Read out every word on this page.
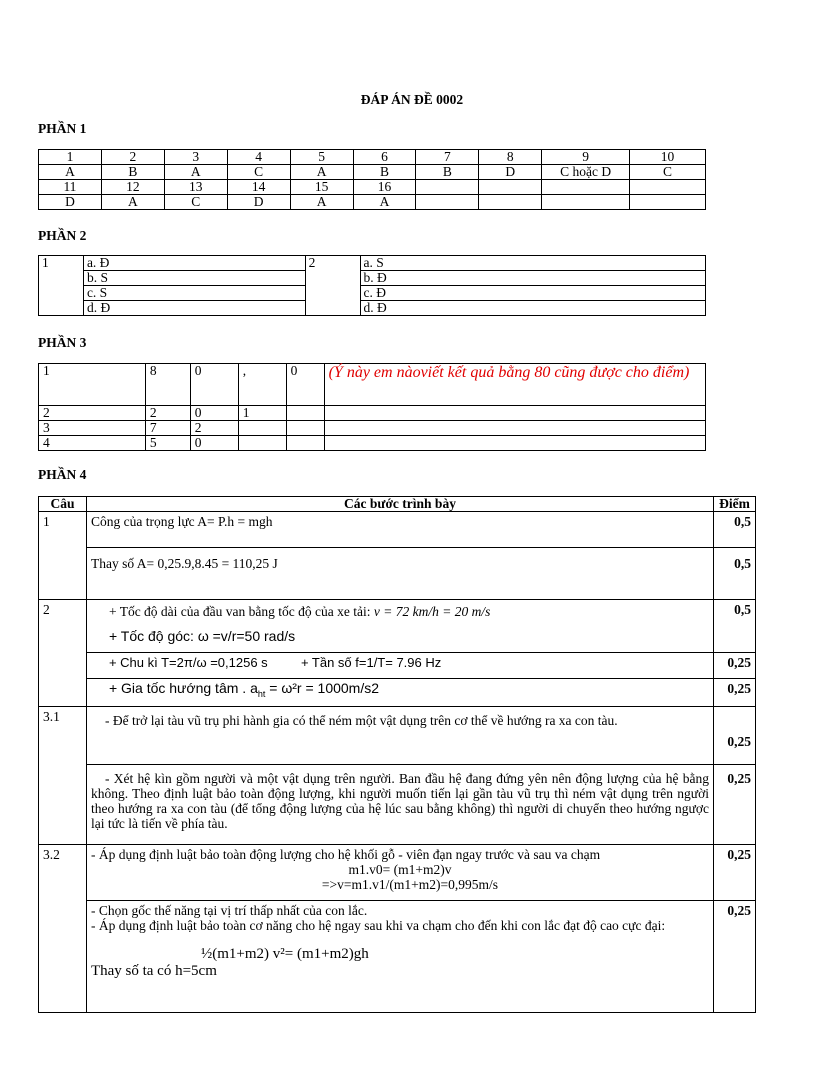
ĐÁP ÁN ĐỀ 0002
PHẦN 1
1	2	3	4	5	6	7	8	9	10
A	B	A	C	A	B	B	D	C hoặc D	C
11	12	13	14	15	16				
D	A	C	D	A	A				
PHẦN 2
1	a. Đ	2	a. S
	b. S		b. Đ
	c. S		c. Đ
	d. Đ		d. Đ
PHẦN 3
1	8	0	,	0	(Ý này em nàoviết kết quả bằng 80 cũng được cho điểm)
2	2	0	1		
3	7	2			
4	5	0			
PHẦN 4
Câu	Các bước trình bày	Điểm
1	Công của trọng lực A= P.h = mgh	0,5
	Thay số A= 0,25.9,8.45 = 110,25 J	0,5
2	+ Tốc độ dài của đầu van bằng tốc độ của xe tải: v = 72 km/h = 20 m/s
+ Tốc độ góc: ω =v/r=50 rad/s	0,5
	+ Chu kì T=2π/ω =0,1256 s + Tần số f=1/T= 7.96 Hz	0,25
	+ Gia tốc hướng tâm . $a_{ht} = \omega^2r = 1000m/s2$	0,25
3.1	- Để trở lại tàu vũ trụ phi hành gia có thể ném một vật dụng trên cơ thể về hướng ra xa con tàu.	0,25
	- Xét hệ kìn gồm người và một vật dụng trên người. Ban đầu hệ đang đứng yên nên động lượng của hệ bằng không. Theo định luật bảo toàn động lượng, khi người muốn tiến lại gần tàu vũ trụ thì ném vật dụng trên người theo hướng ra xa con tàu (để tổng động lượng của hệ lúc sau bằng không) thì người di chuyển theo hướng ngược lại tức là tiến về phía tàu.	0,25
3.2	- Áp dụng định luật bảo toàn động lượng cho hệ khối gỗ - viên đạn ngay trước và sau va chạm
m1.v0= (m1+m2)v
=>v=m1.v1/(m1+m2)=0,995m/s	0,25

	- Chọn gốc thế năng tại vị trí thấp nhất của con lắc.
- Áp dụng định luật bảo toàn cơ năng cho hệ ngay sau khi va chạm cho đến khi con lắc đạt độ cao cực đại:
½(m1+m2) v²= (m1+m2)gh
Thay số ta có h=5cm	0,25
